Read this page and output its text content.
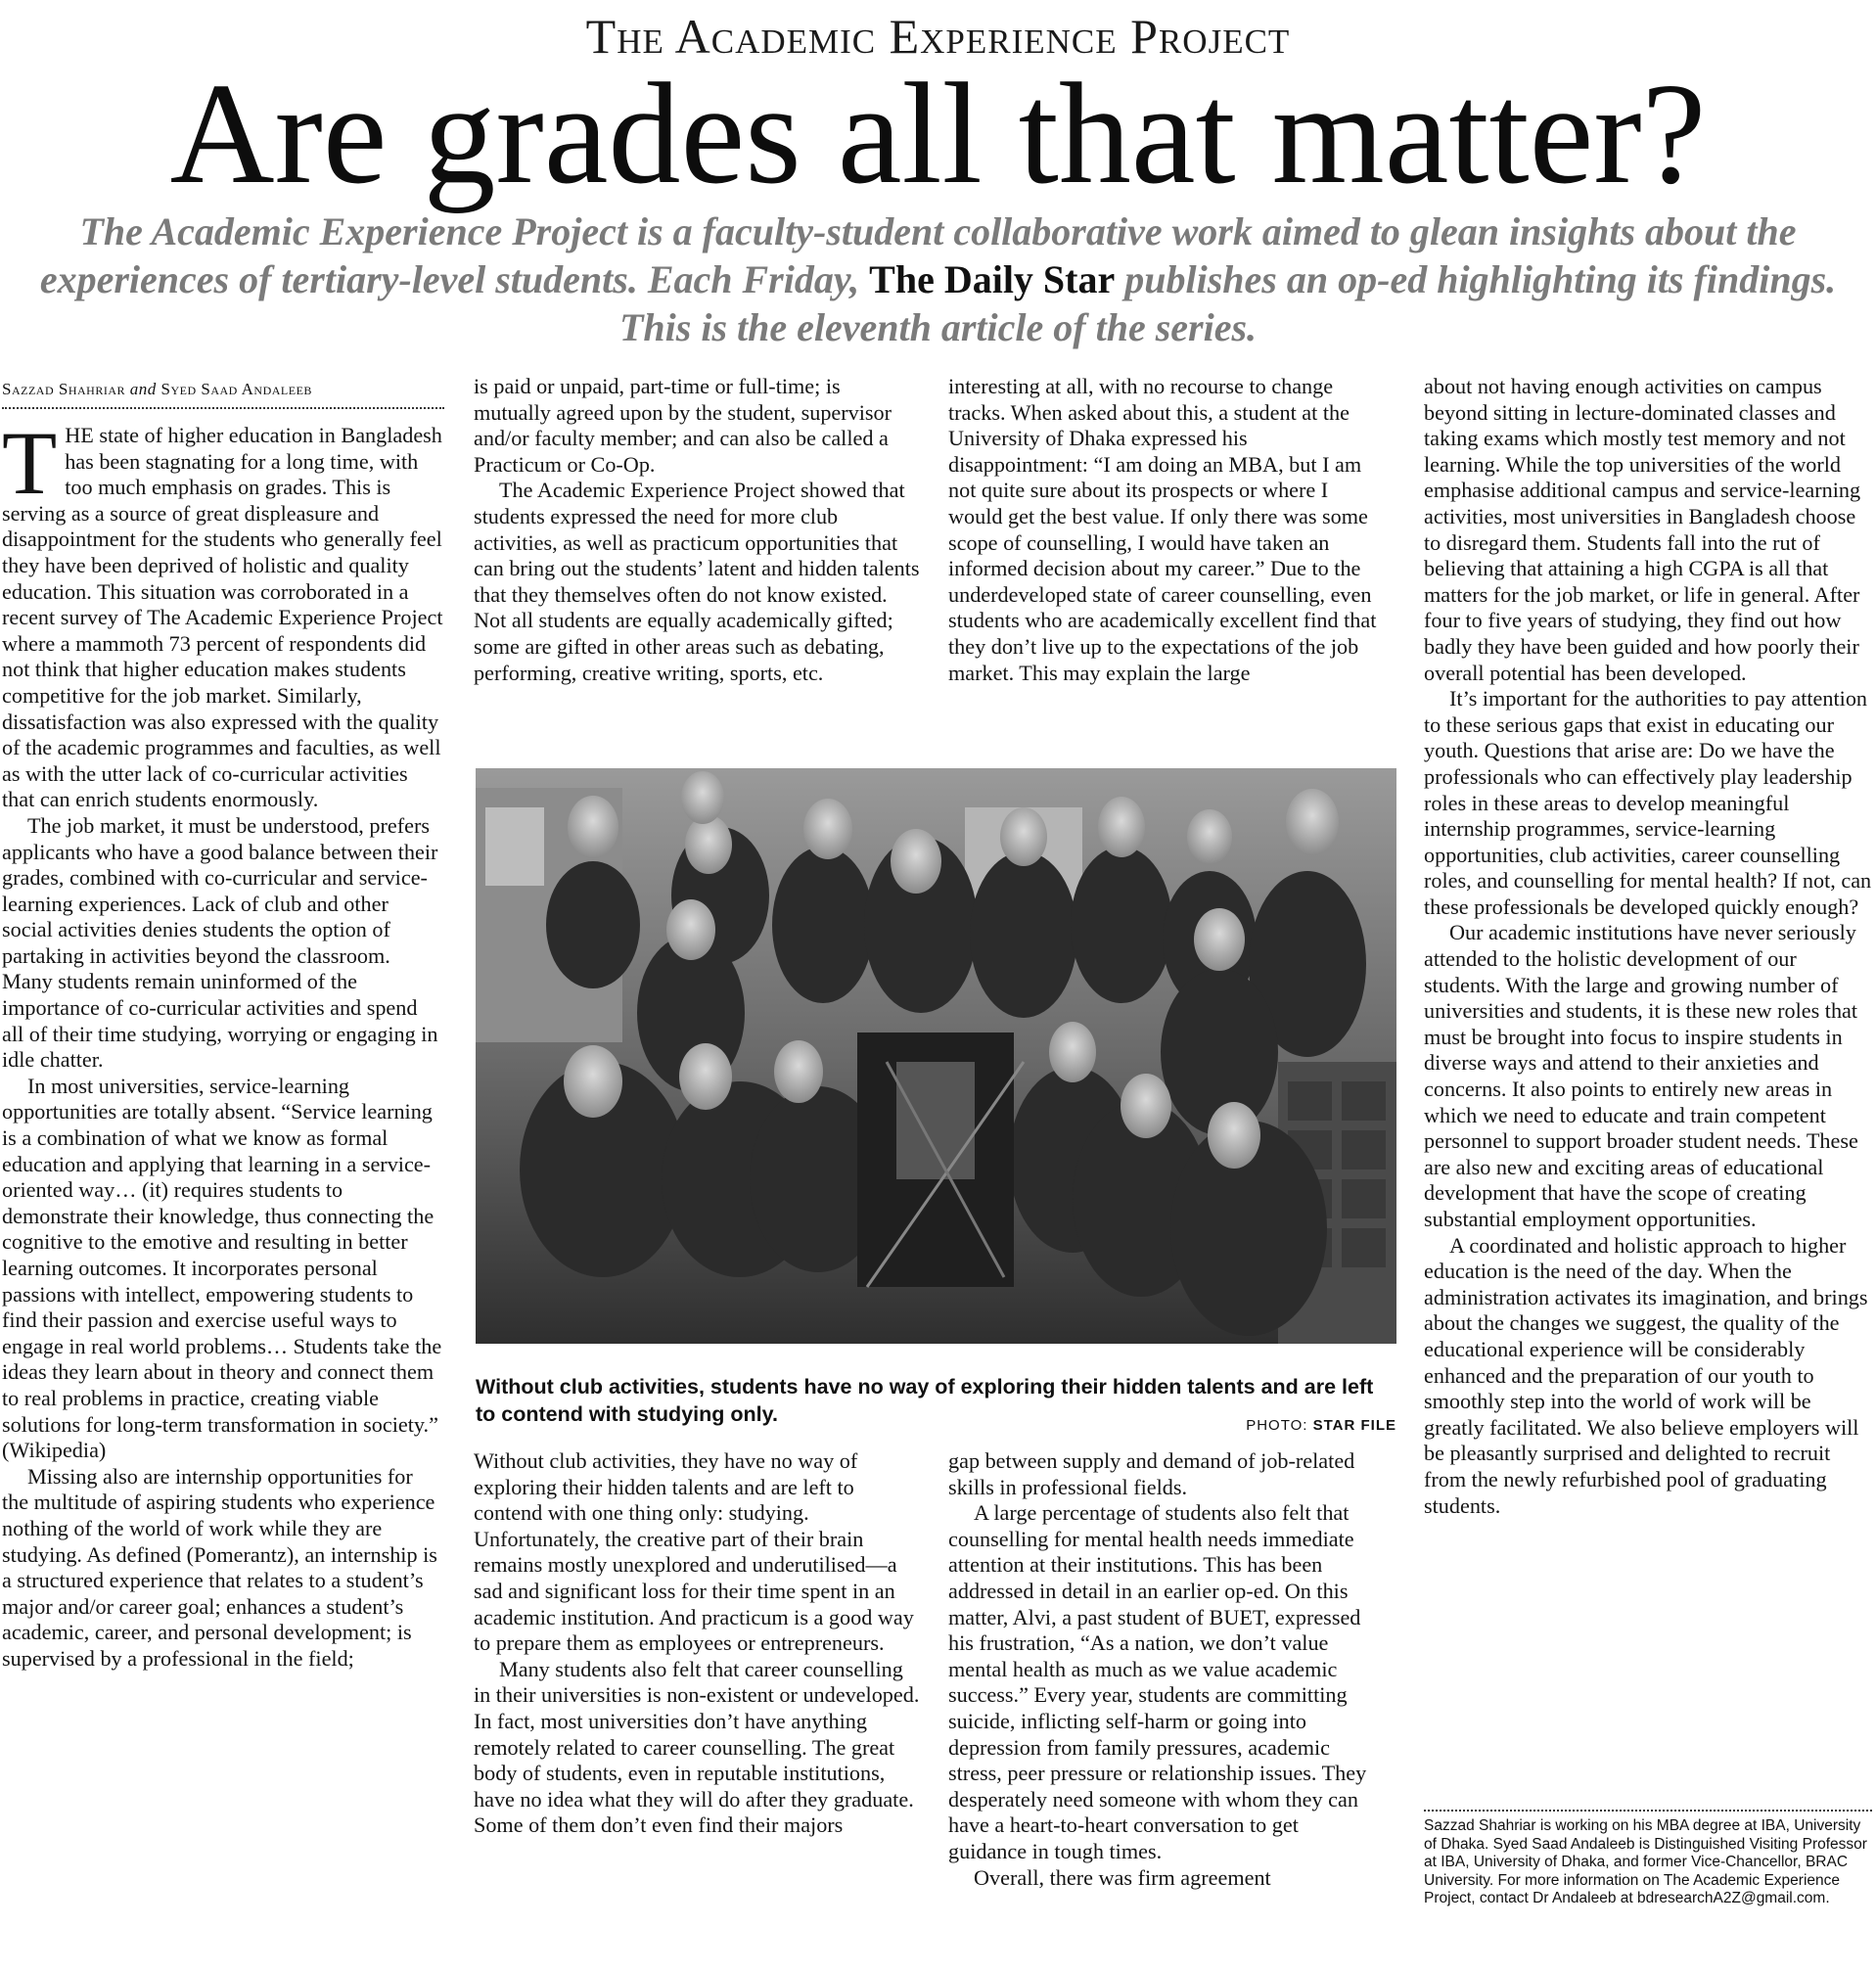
The Academic Experience Project
Are grades all that matter?
The Academic Experience Project is a faculty-student collaborative work aimed to glean insights about the experiences of tertiary-level students. Each Friday, The Daily Star publishes an op-ed highlighting its findings. This is the eleventh article of the series.
Sazzad Shahriar and Syed Saad Andaleeb

THE state of higher education in Bangladesh has been stagnating for a long time, with too much emphasis on grades. This is serving as a source of great displeasure and disappointment for the students who generally feel they have been deprived of holistic and quality education. This situation was corroborated in a recent survey of The Academic Experience Project where a mammoth 73 percent of respondents did not think that higher education makes students competitive for the job market. Similarly, dissatisfaction was also expressed with the quality of the academic programmes and faculties, as well as with the utter lack of co-curricular activities that can enrich students enormously.

The job market, it must be understood, prefers applicants who have a good balance between their grades, combined with co-curricular and service-learning experiences. Lack of club and other social activities denies students the option of partaking in activities beyond the classroom. Many students remain uninformed of the importance of co-curricular activities and spend all of their time studying, worrying or engaging in idle chatter.

In most universities, service-learning opportunities are totally absent. “Service learning is a combination of what we know as formal education and applying that learning in a service-oriented way… (it) requires students to demonstrate their knowledge, thus connecting the cognitive to the emotive and resulting in better learning outcomes. It incorporates personal passions with intellect, empowering students to find their passion and exercise useful ways to engage in real world problems… Students take the ideas they learn about in theory and connect them to real problems in practice, creating viable solutions for long-term transformation in society.” (Wikipedia)

Missing also are internship opportunities for the multitude of aspiring students who experience nothing of the world of work while they are studying. As defined (Pomerantz), an internship is a structured experience that relates to a student’s major and/or career goal; enhances a student’s academic, career, and personal development; is supervised by a professional in the field;

is paid or unpaid, part-time or full-time; is mutually agreed upon by the student, supervisor and/or faculty member; and can also be called a Practicum or Co-Op.

The Academic Experience Project showed that students expressed the need for more club activities, as well as practicum opportunities that can bring out the students’ latent and hidden talents that they themselves often do not know existed. Not all students are equally academically gifted; some are gifted in other areas such as debating, performing, creative writing, sports, etc.

interesting at all, with no recourse to change tracks. When asked about this, a student at the University of Dhaka expressed his disappointment: “I am doing an MBA, but I am not quite sure about its prospects or where I would get the best value. If only there was some scope of counselling, I would have taken an informed decision about my career.” Due to the underdeveloped state of career counselling, even students who are academically excellent find that they don’t live up to the expectations of the job market. This may explain the large

Without club activities, students have no way of exploring their hidden talents and are left to contend with studying only.	PHOTO: STAR FILE

Without club activities, they have no way of exploring their hidden talents and are left to contend with one thing only: studying. Unfortunately, the creative part of their brain remains mostly unexplored and underutilised—a sad and significant loss for their time spent in an academic institution. And practicum is a good way to prepare them as employees or entrepreneurs.

Many students also felt that career counselling in their universities is non-existent or undeveloped. In fact, most universities don’t have anything remotely related to career counselling. The great body of students, even in reputable institutions, have no idea what they will do after they graduate. Some of them don’t even find their majors

gap between supply and demand of job-related skills in professional fields.

A large percentage of students also felt that counselling for mental health needs immediate attention at their institutions. This has been addressed in detail in an earlier op-ed. On this matter, Alvi, a past student of BUET, expressed his frustration, “As a nation, we don’t value mental health as much as we value academic success.” Every year, students are committing suicide, inflicting self-harm or going into depression from family pressures, academic stress, peer pressure or relationship issues. They desperately need someone with whom they can have a heart-to-heart conversation to get guidance in tough times.

Overall, there was firm agreement

about not having enough activities on campus beyond sitting in lecture-dominated classes and taking exams which mostly test memory and not learning. While the top universities of the world emphasise additional campus and service-learning activities, most universities in Bangladesh choose to disregard them. Students fall into the rut of believing that attaining a high CGPA is all that matters for the job market, or life in general. After four to five years of studying, they find out how badly they have been guided and how poorly their overall potential has been developed.

It’s important for the authorities to pay attention to these serious gaps that exist in educating our youth. Questions that arise are: Do we have the professionals who can effectively play leadership roles in these areas to develop meaningful internship programmes, service-learning opportunities, club activities, career counselling roles, and counselling for mental health? If not, can these professionals be developed quickly enough?

Our academic institutions have never seriously attended to the holistic development of our students. With the large and growing number of universities and students, it is these new roles that must be brought into focus to inspire students in diverse ways and attend to their anxieties and concerns. It also points to entirely new areas in which we need to educate and train competent personnel to support broader student needs. These are also new and exciting areas of educational development that have the scope of creating substantial employment opportunities.

A coordinated and holistic approach to higher education is the need of the day. When the administration activates its imagination, and brings about the changes we suggest, the quality of the educational experience will be considerably enhanced and the preparation of our youth to smoothly step into the world of work will be greatly facilitated. We also believe employers will be pleasantly surprised and delighted to recruit from the newly refurbished pool of graduating students.

Sazzad Shahriar is working on his MBA degree at IBA, University of Dhaka. Syed Saad Andaleeb is Distinguished Visiting Professor at IBA, University of Dhaka, and former Vice-Chancellor, BRAC University. For more information on The Academic Experience Project, contact Dr Andaleeb at bdresearchA2Z@gmail.com.
